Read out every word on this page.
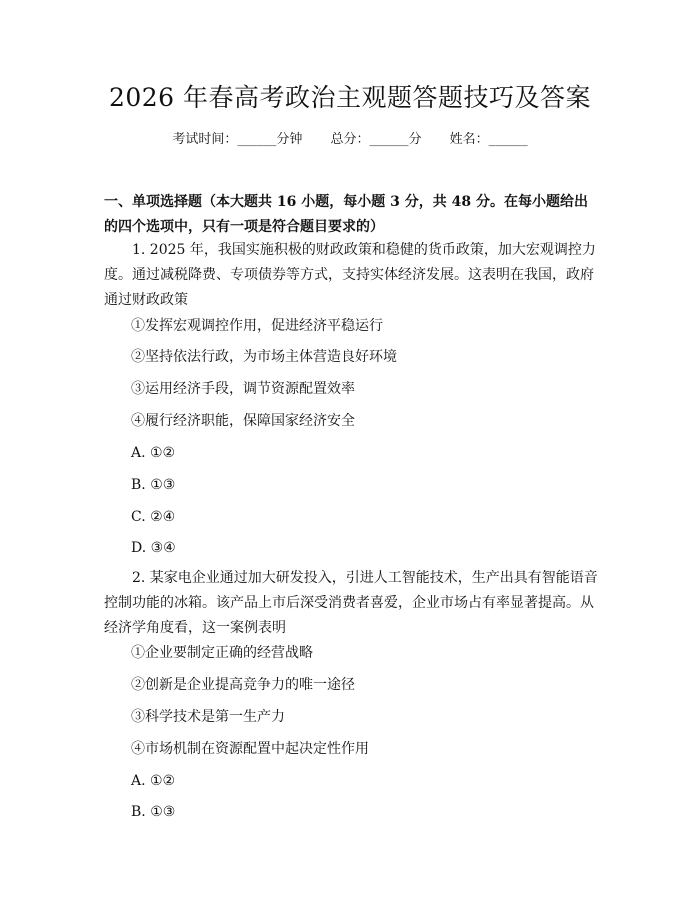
2026 年春高考政治主观题答题技巧及答案
考试时间：______分钟 总分：______分 姓名：______
一、单项选择题（本大题共 16 小题，每小题 3 分，共 48 分。在每小题给出的四个选项中，只有一项是符合题目要求的）
1. 2025 年，我国实施积极的财政政策和稳健的货币政策，加大宏观调控力度。通过减税降费、专项债券等方式，支持实体经济发展。这表明在我国，政府通过财政政策
①发挥宏观调控作用，促进经济平稳运行
②坚持依法行政，为市场主体营造良好环境
③运用经济手段，调节资源配置效率
④履行经济职能，保障国家经济安全
A. ①②
B. ①③
C. ②④
D. ③④
2. 某家电企业通过加大研发投入，引进人工智能技术，生产出具有智能语音控制功能的冰箱。该产品上市后深受消费者喜爱，企业市场占有率显著提高。从经济学角度看，这一案例表明
①企业要制定正确的经营战略
②创新是企业提高竞争力的唯一途径
③科学技术是第一生产力
④市场机制在资源配置中起决定性作用
A. ①②
B. ①③
